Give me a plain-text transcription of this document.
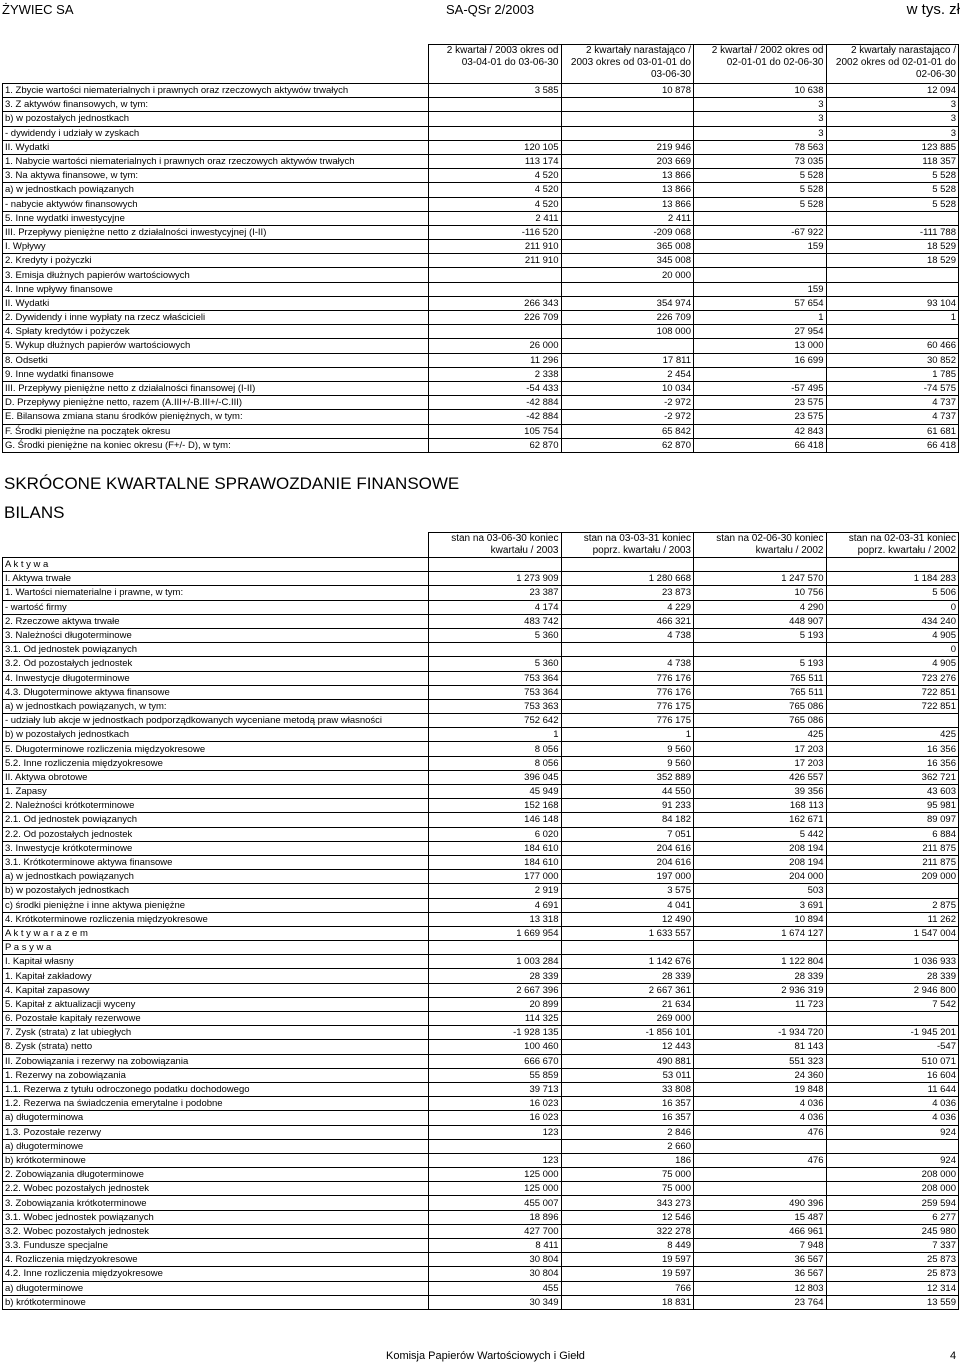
ŻYWIEC SA	SA-QSr 2/2003	w tys. zł
	2 kwartał / 2003 okres od 03-04-01 do 03-06-30	2 kwartały narastająco / 2003 okres od 03-01-01 do 03-06-30	2 kwartał / 2002 okres od 02-01-01 do 02-06-30	2 kwartały narastająco / 2002 okres od 02-01-01 do 02-06-30
1. Zbycie wartości niematerialnych i prawnych oraz rzeczowych aktywów trwałych	3 585	10 878	10 638	12 094
3. Z aktywów finansowych, w tym:			3	3
b) w pozostałych jednostkach			3	3
- dywidendy i udziały w zyskach			3	3
II. Wydatki	120 105	219 946	78 563	123 885
1. Nabycie wartości niematerialnych i prawnych oraz rzeczowych aktywów trwałych	113 174	203 669	73 035	118 357
3. Na aktywa finansowe, w tym:	4 520	13 866	5 528	5 528
a) w jednostkach powiązanych	4 520	13 866	5 528	5 528
- nabycie aktywów finansowych	4 520	13 866	5 528	5 528
5. Inne wydatki inwestycyjne	2 411	2 411		
III. Przepływy pieniężne netto z działalności inwestycyjnej (I-II)	-116 520	-209 068	-67 922	-111 788
I. Wpływy	211 910	365 008	159	18 529
2. Kredyty i pożyczki	211 910	345 008		18 529
3. Emisja dłużnych papierów wartościowych		20 000		
4. Inne wpływy finansowe			159	
II. Wydatki	266 343	354 974	57 654	93 104
2. Dywidendy i inne wypłaty na rzecz właścicieli	226 709	226 709	1	1
4. Spłaty kredytów i pożyczek		108 000	27 954	
5. Wykup dłużnych papierów wartościowych	26 000		13 000	60 466
8. Odsetki	11 296	17 811	16 699	30 852
9. Inne wydatki finansowe	2 338	2 454		1 785
III. Przepływy pieniężne netto z działalności finansowej (I-II)	-54 433	10 034	-57 495	-74 575
D. Przepływy pieniężne netto, razem (A.III+/-B.III+/-C.III)	-42 884	-2 972	23 575	4 737
E. Bilansowa zmiana stanu środków pieniężnych, w tym:	-42 884	-2 972	23 575	4 737
F. Środki pieniężne na początek okresu	105 754	65 842	42 843	61 681
G. Środki pieniężne na koniec okresu (F+/- D), w tym:	62 870	62 870	66 418	66 418
SKRÓCONE KWARTALNE SPRAWOZDANIE FINANSOWE
BILANS
	stan na 03-06-30 koniec kwartału / 2003	stan na 03-03-31 koniec poprz. kwartału / 2003	stan na 02-06-30 koniec kwartału / 2002	stan na 02-03-31 koniec poprz. kwartału / 2002
A k t y w a				
I. Aktywa trwałe	1 273 909	1 280 668	1 247 570	1 184 283
1. Wartości niematerialne i prawne, w tym:	23 387	23 873	10 756	5 506
- wartość firmy	4 174	4 229	4 290	0
2. Rzeczowe aktywa trwałe	483 742	466 321	448 907	434 240
3. Należności długoterminowe	5 360	4 738	5 193	4 905
3.1. Od jednostek powiązanych				0
3.2. Od pozostałych jednostek	5 360	4 738	5 193	4 905
4. Inwestycje długoterminowe	753 364	776 176	765 511	723 276
4.3. Długoterminowe aktywa finansowe	753 364	776 176	765 511	722 851
a) w jednostkach powiązanych, w tym:	753 363	776 175	765 086	722 851
- udziały lub akcje w jednostkach podporządkowanych wyceniane metodą praw własności	752 642	776 175	765 086	
b) w pozostałych jednostkach	1	1	425	425
5. Długoterminowe rozliczenia międzyokresowe	8 056	9 560	17 203	16 356
5.2. Inne rozliczenia międzyokresowe	8 056	9 560	17 203	16 356
II. Aktywa obrotowe	396 045	352 889	426 557	362 721
1. Zapasy	45 949	44 550	39 356	43 603
2. Należności krótkoterminowe	152 168	91 233	168 113	95 981
2.1. Od jednostek powiązanych	146 148	84 182	162 671	89 097
2.2. Od pozostałych jednostek	6 020	7 051	5 442	6 884
3. Inwestycje krótkoterminowe	184 610	204 616	208 194	211 875
3.1. Krótkoterminowe aktywa finansowe	184 610	204 616	208 194	211 875
a) w jednostkach powiązanych	177 000	197 000	204 000	209 000
b) w pozostałych jednostkach	2 919	3 575	503	
c) środki pieniężne i inne aktywa pieniężne	4 691	4 041	3 691	2 875
4. Krótkoterminowe rozliczenia międzyokresowe	13 318	12 490	10 894	11 262
A k t y w a r a z e m	1 669 954	1 633 557	1 674 127	1 547 004
P a s y w a				
I. Kapitał własny	1 003 284	1 142 676	1 122 804	1 036 933
1. Kapitał zakładowy	28 339	28 339	28 339	28 339
4. Kapitał zapasowy	2 667 396	2 667 361	2 936 319	2 946 800
5. Kapitał z aktualizacji wyceny	20 899	21 634	11 723	7 542
6. Pozostałe kapitały rezerwowe	114 325	269 000		
7. Zysk (strata) z lat ubiegłych	-1 928 135	-1 856 101	-1 934 720	-1 945 201
8. Zysk (strata) netto	100 460	12 443	81 143	-547
II. Zobowiązania i rezerwy na zobowiązania	666 670	490 881	551 323	510 071
1. Rezerwy na zobowiązania	55 859	53 011	24 360	16 604
1.1. Rezerwa z tytułu odroczonego podatku dochodowego	39 713	33 808	19 848	11 644
1.2. Rezerwa na świadczenia emerytalne i podobne	16 023	16 357	4 036	4 036
a) długoterminowa	16 023	16 357	4 036	4 036
1.3. Pozostałe rezerwy	123	2 846	476	924
a) długoterminowe		2 660		
b) krótkoterminowe	123	186	476	924
2. Zobowiązania długoterminowe	125 000	75 000		208 000
2.2. Wobec pozostałych jednostek	125 000	75 000		208 000
3. Zobowiązania krótkoterminowe	455 007	343 273	490 396	259 594
3.1. Wobec jednostek powiązanych	18 896	12 546	15 487	6 277
3.2. Wobec pozostałych jednostek	427 700	322 278	466 961	245 980
3.3. Fundusze specjalne	8 411	8 449	7 948	7 337
4. Rozliczenia międzyokresowe	30 804	19 597	36 567	25 873
4.2. Inne rozliczenia międzyokresowe	30 804	19 597	36 567	25 873
a) długoterminowe	455	766	12 803	12 314
b) krótkoterminowe	30 349	18 831	23 764	13 559
Komisja Papierów Wartościowych i Giełd	4
